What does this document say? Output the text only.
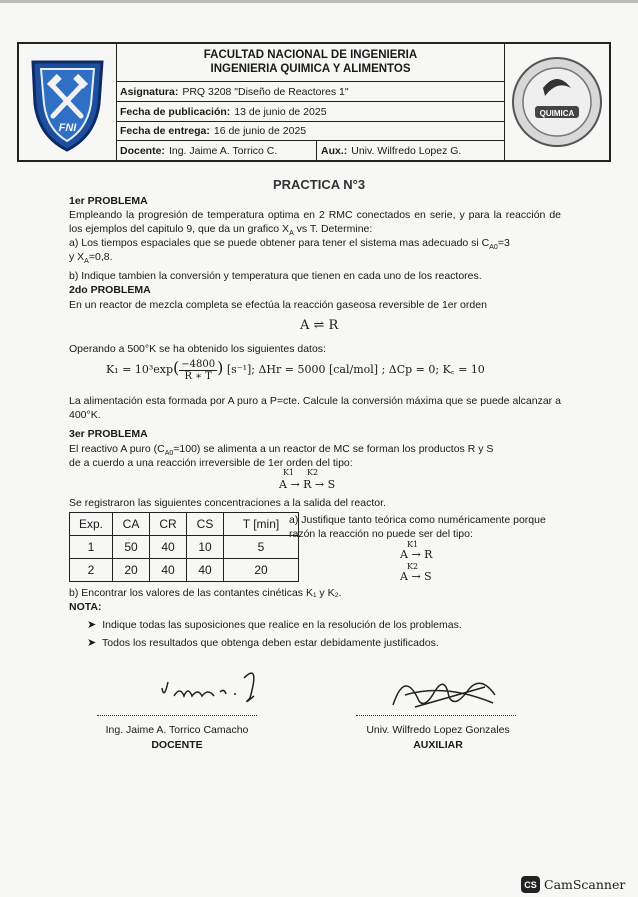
FNI
FACULTAD NACIONAL DE INGENIERIA
INGENIERIA QUIMICA Y ALIMENTOS
Asignatura: PRQ 3208 "Diseño de Reactores 1"
Fecha de publicación: 13 de junio de 2025
Fecha de entrega: 16 de junio de 2025
Docente: Ing. Jaime A. Torrico C.	Aux.: Univ. Wilfredo Lopez G.
QUIMICA
PRACTICA N°3
1er PROBLEMA
Empleando la progresión de temperatura optima en 2 RMC conectados en serie, y para la reacción de los ejemplos del capitulo 9, que da un grafico $X_A$ vs T. Determine:
a) Los tiempos espaciales que se puede obtener para tener el sistema mas adecuado si $C_{A0}=3$
y $X_A=0,8$.
b) Indique tambien la conversión y temperatura que tienen en cada uno de los reactores.
2do PROBLEMA
En un reactor de mezcla completa se efectúa la reacción gaseosa reversible de 1er orden
A ⇌ R
Operando a 500°K se ha obtenido los siguientes datos:
$K_1 = 10^3\exp( \frac{-4800}{R ∗ T}$ ) [s⁻¹]; ΔHr = 5000 [cal/mol] ; ΔCp = 0; K꜀ = 10
La alimentación esta formada por A puro a P=cte. Calcule la conversión máxima que se puede alcanzar a 400°K.
3er PROBLEMA
El reactivo A puro $(C_{A0}=100)$ se alimenta a un reactor de MC se forman los productos R y S
de a cuerdo a una reacción irreversible de 1er orden del tipo:
K1 K2
A → R → S
Se registraron las siguientes concentraciones a la salida del reactor.
Exp.	CA	CR	CS	T [min]
1	50	40	10	5
2	20	40	40	20
a) Justifique tanto teórica como numéricamente porque razón la reacción no puede ser del tipo:
K1
A → R
K2
A → S
b) Encontrar los valores de las contantes cinéticas K₁ y K₂.
NOTA:
➤  Indique todas las suposiciones que realice en la resolución de los problemas.
➤  Todos los resultados que obtenga deben estar debidamente justificados.
Ing. Jaime A. Torrico Camacho
DOCENTE
Univ. Wilfredo Lopez Gonzales
AUXILIAR
CS CamScanner
